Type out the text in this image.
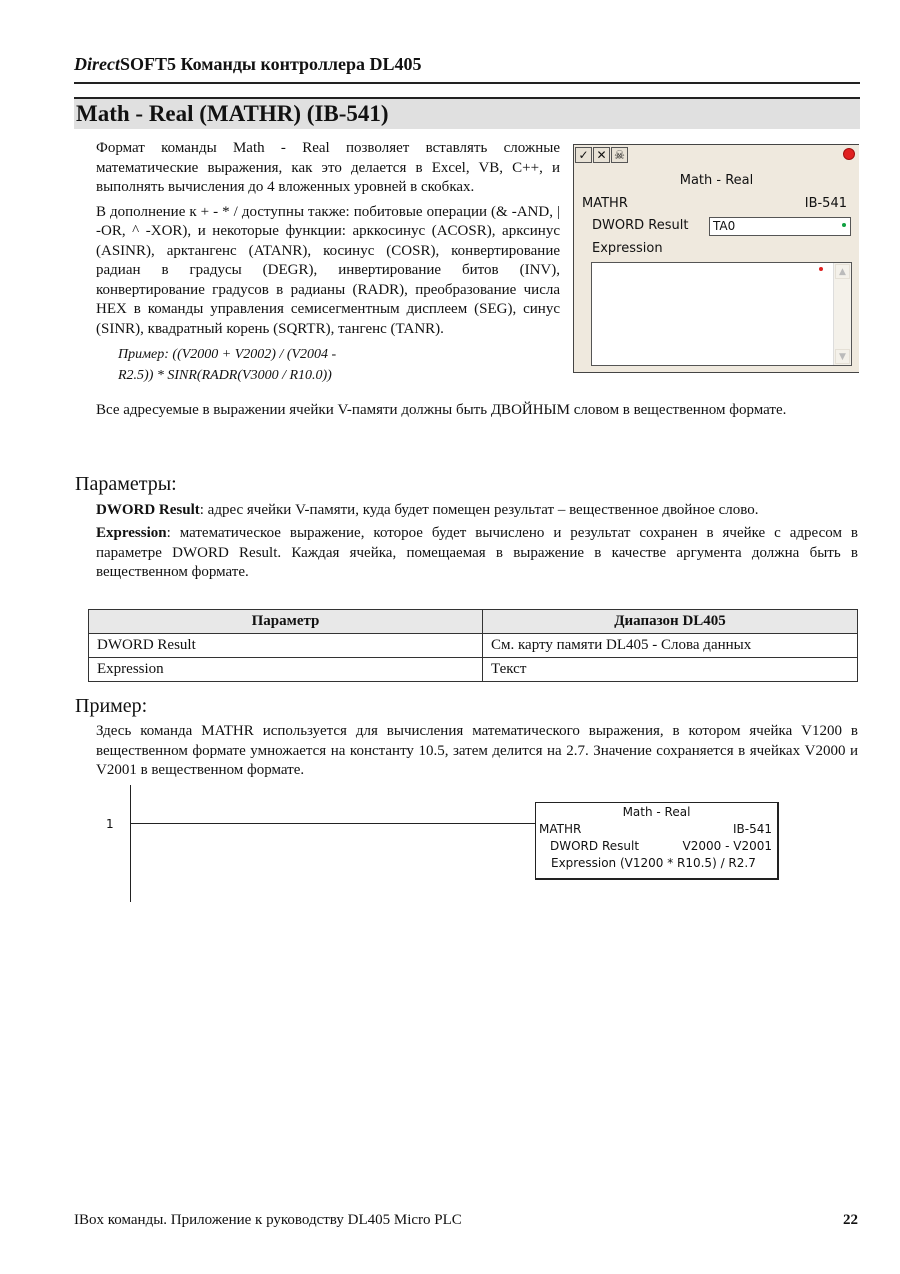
DirectSOFT5 Команды контроллера DL405
Math - Real (MATHR) (IB-541)

Формат команды Math - Real позволяет вставлять сложные математические выражения, как это делается в Excel, VB, C++, и выполнять вычисления до 4 вложенных уровней в скобках.

В дополнение к + - * / доступны также: побитовые операции (& -AND, | -OR, ^ -XOR), и некоторые функции: арккосинус (ACOSR), арксинус (ASINR), арктангенс (ATANR), косинус (COSR), конвертирование радиан в градусы (DEGR), инвертирование битов (INV), конвертирование градусов в радианы (RADR), преобразование числа HEX в команды управления семисегментным дисплеем (SEG), синус (SINR), квадратный корень (SQRTR), тангенс (TANR).

Пример: ((V2000 + V2002) / (V2004 -

R2.5)) * SINR(RADR(V3000 / R10.0))

✓ ✕ ☠
Math - Real
MATHR	IB-541
DWORD Result	TA0
Expression
▲
▼
Все адресуемые в выражении ячейки V-памяти должны быть ДВОЙНЫМ словом в вещественном формате.
Параметры:
DWORD Result: адрес ячейки V-памяти, куда будет помещен результат – вещественное двойное слово.
Expression: математическое выражение, которое будет вычислено и результат сохранен в ячейке с адресом в параметре DWORD Result. Каждая ячейка, помещаемая в выражение в качестве аргумента должна быть в вещественном формате.
Параметр	Диапазон DL405
DWORD Result	См. карту памяти DL405 - Слова данных
Expression	Текст
Пример:
Здесь команда MATHR используется для вычисления математического выражения, в котором ячейка V1200 в вещественном формате умножается на константу 10.5, затем делится на 2.7. Значение сохраняется в ячейках V2000 и V2001 в вещественном формате.
1
Math - Real
MATHR	IB-541
DWORD Result	V2000 - V2001
Expression (V1200 * R10.5) / R2.7
IBox команды. Приложение к руководству DL405 Micro PLC	22
